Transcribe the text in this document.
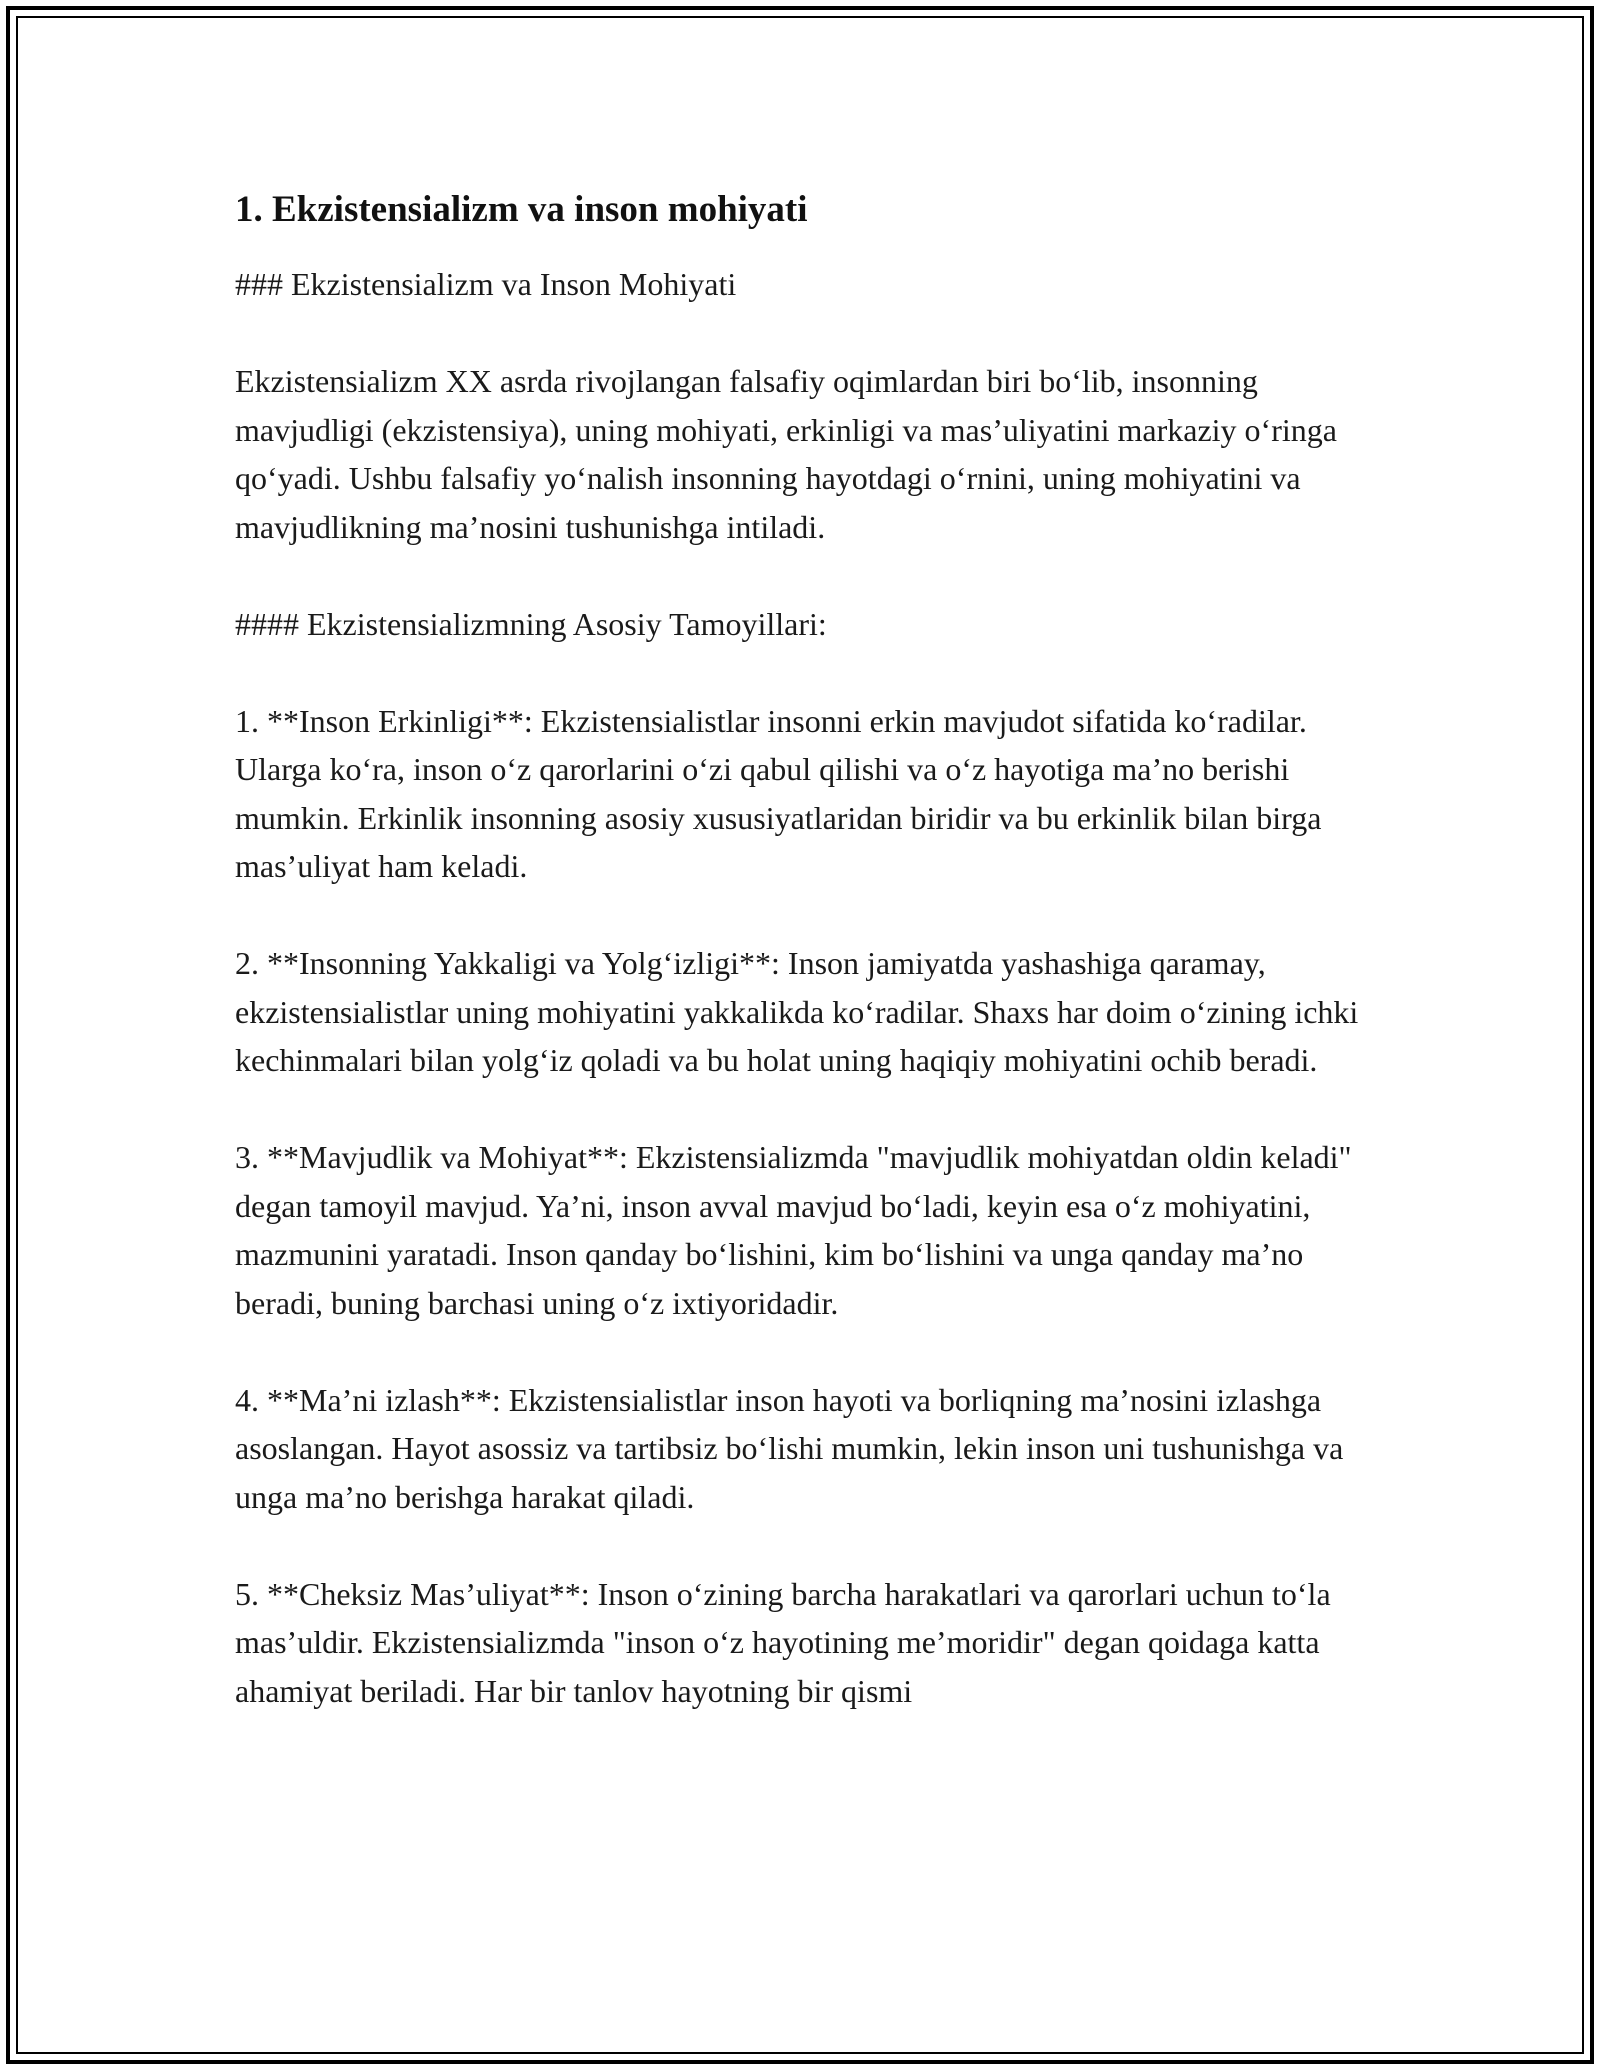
1. Ekzistensializm va inson mohiyati

### Ekzistensializm va Inson Mohiyati

Ekzistensializm XX asrda rivojlangan falsafiy oqimlardan biri bo‘lib, insonning mavjudligi (ekzistensiya), uning mohiyati, erkinligi va mas’uliyatini markaziy o‘ringa qo‘yadi. Ushbu falsafiy yo‘nalish insonning hayotdagi o‘rnini, uning mohiyatini va mavjudlikning ma’nosini tushunishga intiladi.

#### Ekzistensializmning Asosiy Tamoyillari:

1. **Inson Erkinligi**: Ekzistensialistlar insonni erkin mavjudot sifatida ko‘radilar. Ularga ko‘ra, inson o‘z qarorlarini o‘zi qabul qilishi va o‘z hayotiga ma’no berishi mumkin. Erkinlik insonning asosiy xususiyatlaridan biridir va bu erkinlik bilan birga mas’uliyat ham keladi.

2. **Insonning Yakkaligi va Yolg‘izligi**: Inson jamiyatda yashashiga qaramay, ekzistensialistlar uning mohiyatini yakkalikda ko‘radilar. Shaxs har doim o‘zining ichki kechinmalari bilan yolg‘iz qoladi va bu holat uning haqiqiy mohiyatini ochib beradi.

3. **Mavjudlik va Mohiyat**: Ekzistensializmda "mavjudlik mohiyatdan oldin keladi" degan tamoyil mavjud. Ya’ni, inson avval mavjud bo‘ladi, keyin esa o‘z mohiyatini, mazmunini yaratadi. Inson qanday bo‘lishini, kim bo‘lishini va unga qanday ma’no beradi, buning barchasi uning o‘z ixtiyoridadir.

4. **Ma’ni izlash**: Ekzistensialistlar inson hayoti va borliqning ma’nosini izlashga asoslangan. Hayot asossiz va tartibsiz bo‘lishi mumkin, lekin inson uni tushunishga va unga ma’no berishga harakat qiladi.

5. **Cheksiz Mas’uliyat**: Inson o‘zining barcha harakatlari va qarorlari uchun to‘la mas’uldir. Ekzistensializmda "inson o‘z hayotining me’moridir" degan qoidaga katta ahamiyat beriladi. Har bir tanlov hayotning bir qismi
